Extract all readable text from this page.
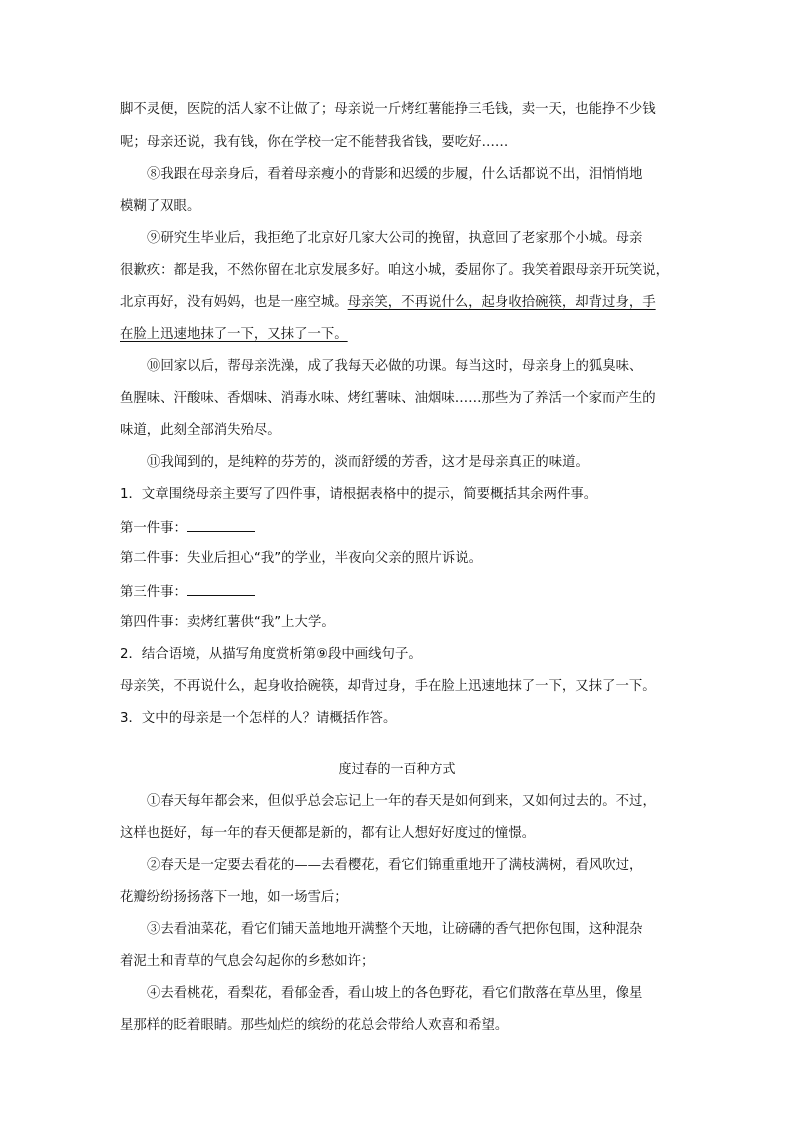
脚不灵便，医院的活人家不让做了；母亲说一斤烤红薯能挣三毛钱，卖一天，也能挣不少钱
呢；母亲还说，我有钱，你在学校一定不能替我省钱，要吃好……
⑧我跟在母亲身后，看着母亲瘦小的背影和迟缓的步履，什么话都说不出，泪悄悄地
模糊了双眼。
⑨研究生毕业后，我拒绝了北京好几家大公司的挽留，执意回了老家那个小城。母亲
很歉疚：都是我，不然你留在北京发展多好。咱这小城，委屈你了。我笑着跟母亲开玩笑说，
北京再好，没有妈妈，也是一座空城。母亲笑，不再说什么，起身收拾碗筷，却背过身，手
在脸上迅速地抹了一下，又抹了一下。
⑩回家以后，帮母亲洗澡，成了我每天必做的功课。每当这时，母亲身上的狐臭味、
鱼腥味、汗酸味、香烟味、消毒水味、烤红薯味、油烟味……那些为了养活一个家而产生的
味道，此刻全部消失殆尽。
⑪我闻到的，是纯粹的芬芳的，淡而舒缓的芳香，这才是母亲真正的味道。
1．文章围绕母亲主要写了四件事，请根据表格中的提示，简要概括其余两件事。
第一件事：
第二件事：失业后担心“我”的学业，半夜向父亲的照片诉说。
第三件事：
第四件事：卖烤红薯供“我”上大学。
2．结合语境，从描写角度赏析第⑨段中画线句子。
母亲笑，不再说什么，起身收拾碗筷，却背过身，手在脸上迅速地抹了一下，又抹了一下。
3．文中的母亲是一个怎样的人？请概括作答。
度过春的一百种方式
①春天每年都会来，但似乎总会忘记上一年的春天是如何到来，又如何过去的。不过，
这样也挺好，每一年的春天便都是新的，都有让人想好好度过的憧憬。
②春天是一定要去看花的——去看樱花，看它们锦重重地开了满枝满树，看风吹过，
花瓣纷纷扬扬落下一地，如一场雪后；
③去看油菜花，看它们铺天盖地地开满整个天地，让磅礴的香气把你包围，这种混杂
着泥土和青草的气息会勾起你的乡愁如许；
④去看桃花，看梨花，看郁金香，看山坡上的各色野花，看它们散落在草丛里，像星
星那样的眨着眼睛。那些灿烂的缤纷的花总会带给人欢喜和希望。
